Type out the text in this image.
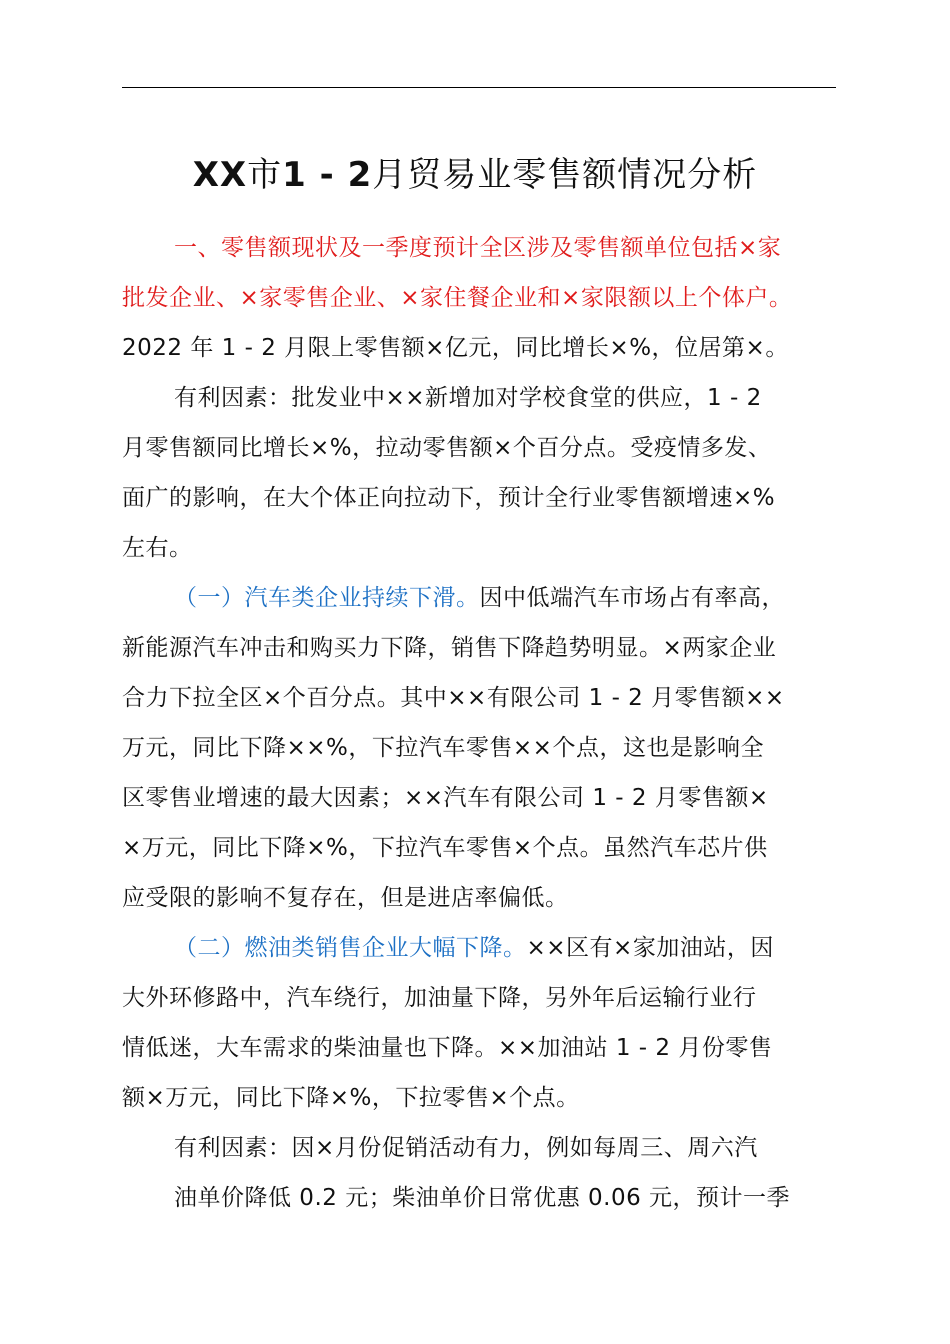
XX市1 - 2月贸易业零售额情况分析
一、零售额现状及一季度预计全区涉及零售额单位包括×家
批发企业、×家零售企业、×家住餐企业和×家限额以上个体户。
2022 年 1 - 2 月限上零售额×亿元，同比增长×%，位居第×。
有利因素：批发业中××新增加对学校食堂的供应，1 - 2
月零售额同比增长×%，拉动零售额×个百分点。受疫情多发、
面广的影响，在大个体正向拉动下，预计全行业零售额增速×%
左右。
（一）汽车类企业持续下滑。因中低端汽车市场占有率高，
新能源汽车冲击和购买力下降，销售下降趋势明显。×两家企业
合力下拉全区×个百分点。其中××有限公司 1 - 2 月零售额××
万元，同比下降××%，下拉汽车零售××个点，这也是影响全
区零售业增速的最大因素；××汽车有限公司 1 - 2 月零售额×
×万元，同比下降×%，下拉汽车零售×个点。虽然汽车芯片供
应受限的影响不复存在，但是进店率偏低。
（二）燃油类销售企业大幅下降。××区有×家加油站，因
大外环修路中，汽车绕行，加油量下降，另外年后运输行业行
情低迷，大车需求的柴油量也下降。××加油站 1 - 2 月份零售
额×万元，同比下降×%，下拉零售×个点。
有利因素：因×月份促销活动有力，例如每周三、周六汽
油单价降低 0.2 元；柴油单价日常优惠 0.06 元，预计一季
